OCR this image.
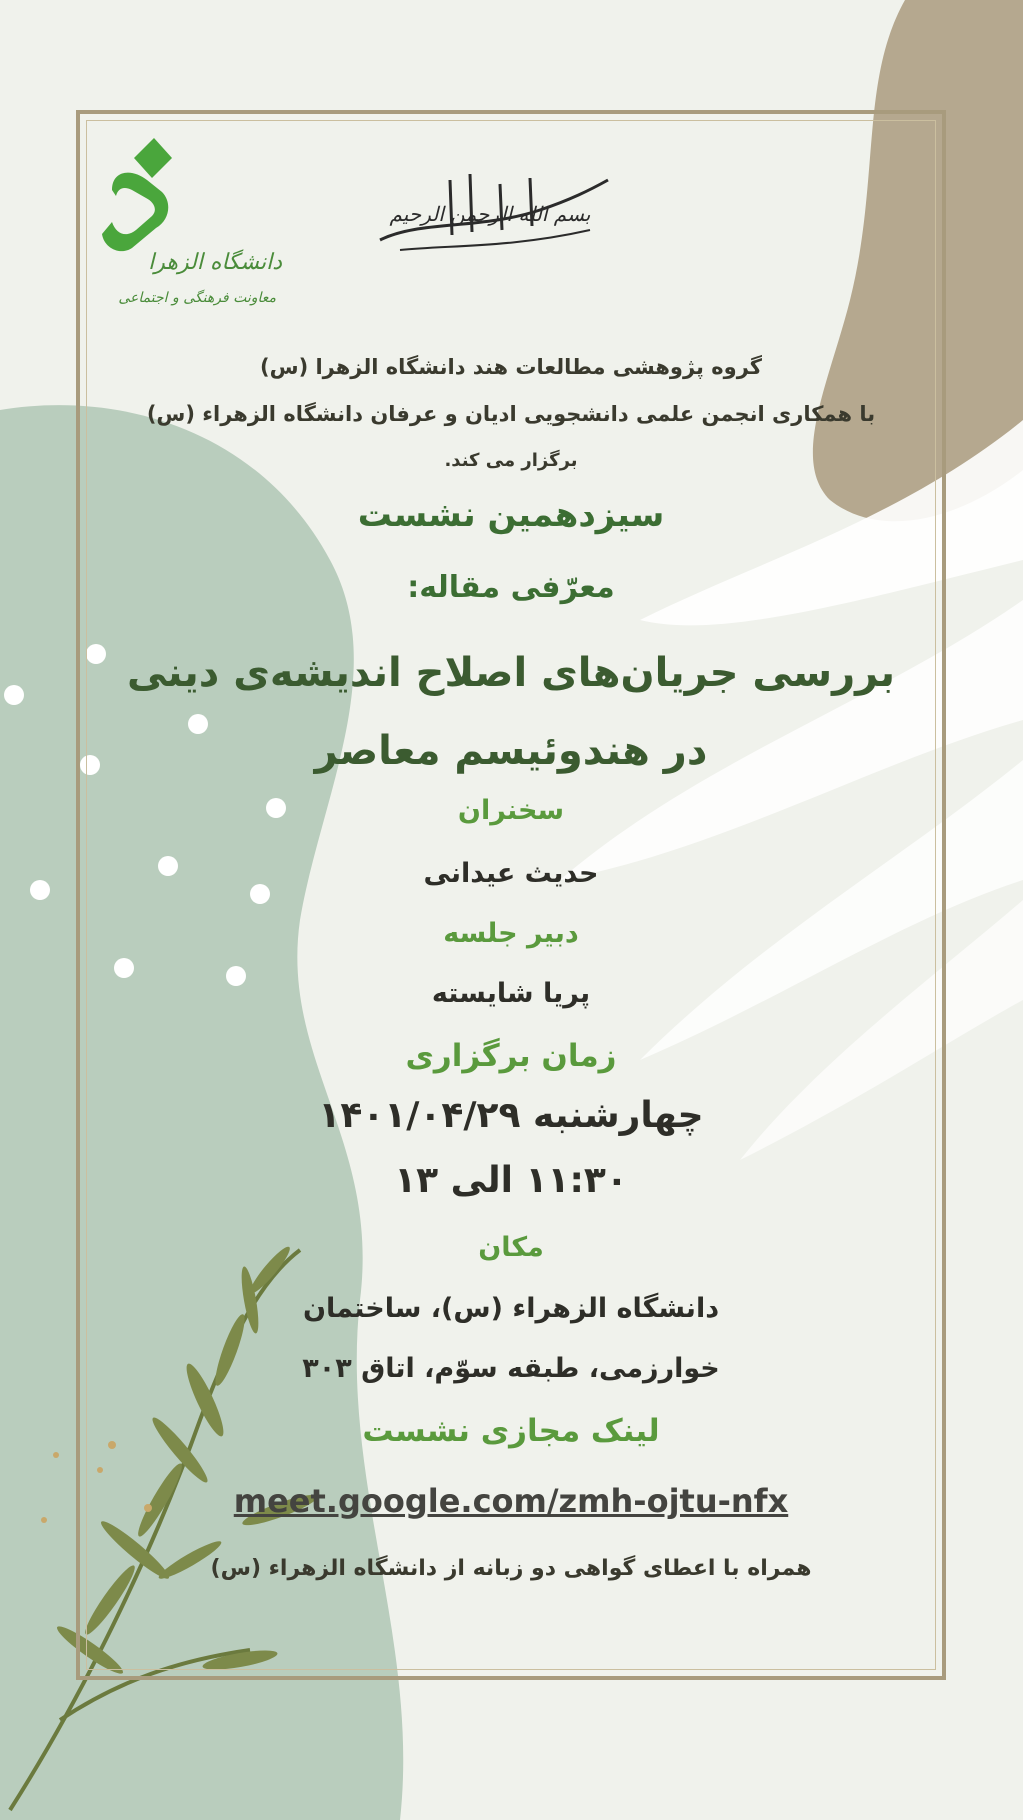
دانشگاه الزهرا
معاونت فرهنگی و اجتماعی
بسم الله الرحمن الرحیم
گروه پژوهشی مطالعات هند دانشگاه الزهرا (س)
با همکاری انجمن علمی دانشجویی ادیان و عرفان دانشگاه الزهراء (س)
برگزار می کند.
سیزدهمین نشست
معرّفی مقاله:
بررسی جریان‌های اصلاح اندیشه‌ی دینی
در هندوئیسم معاصر
سخنران
حدیث عیدانی
دبیر جلسه
پریا شایسته
زمان برگزاری
چهارشنبه ۱۴۰۱/۰۴/۲۹
۱۱:۳۰ الی ۱۳
مکان
دانشگاه الزهراء (س)، ساختمان
خوارزمی، طبقه سوّم، اتاق ۳۰۳
لینک مجازی نشست
meet.google.com/zmh-ojtu-nfx
همراه با اعطای گواهی دو زبانه از دانشگاه الزهراء (س)
